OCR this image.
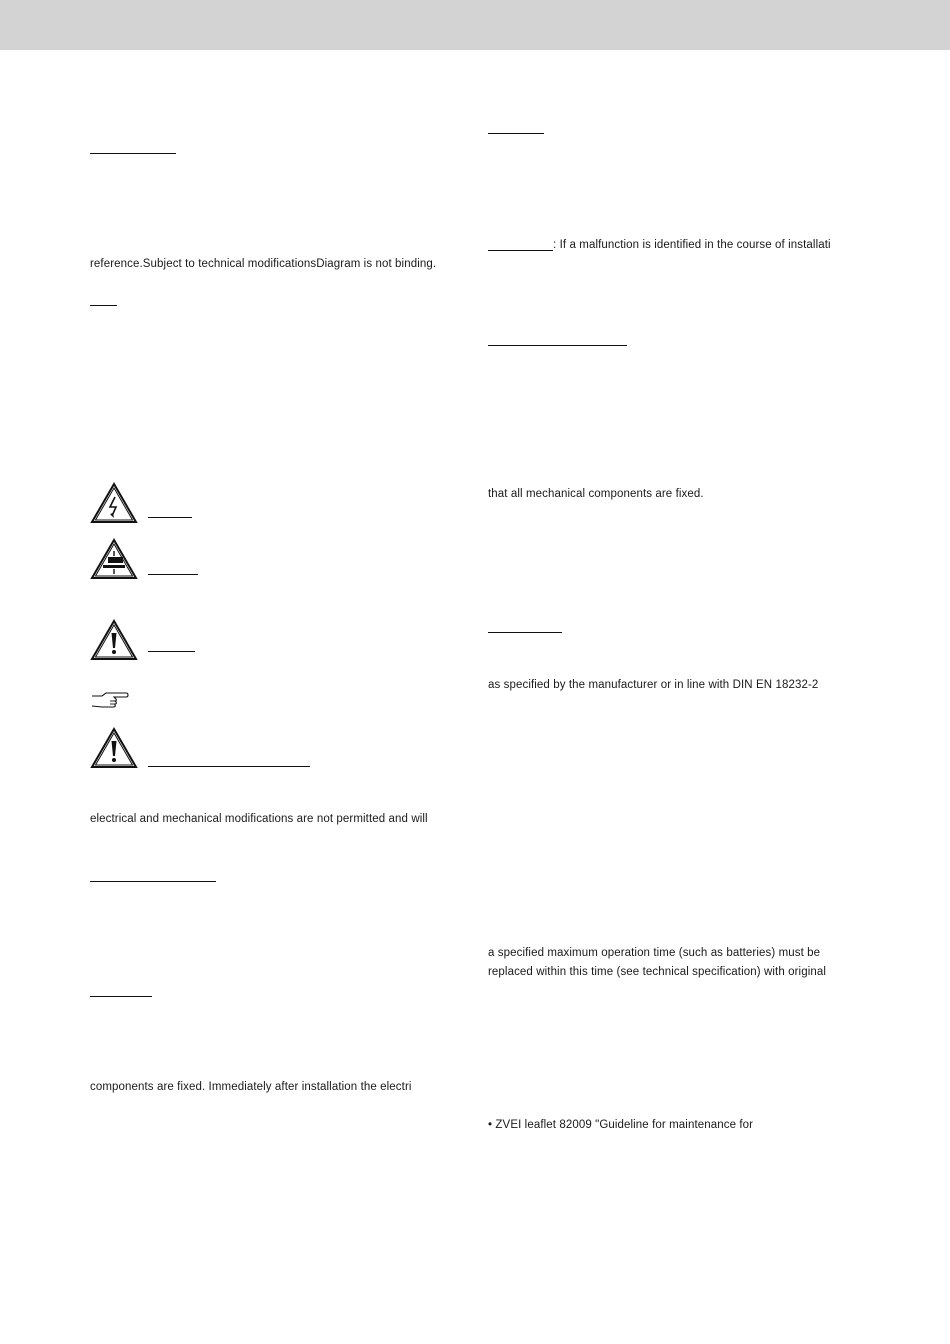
reference.Subject to technical modificationsDiagram is not binding.
electrical and mechanical modifications are not permitted and will
components are fixed. Immediately after installation the electri
: If a malfunction is identified in the course of installati
that all mechanical components are fixed.
as specified by the manufacturer or in line with DIN EN 18232-2
a specified maximum operation time (such as batteries) must be
replaced within this time (see technical specification) with original
• ZVEI leaflet 82009 "Guideline for maintenance for
